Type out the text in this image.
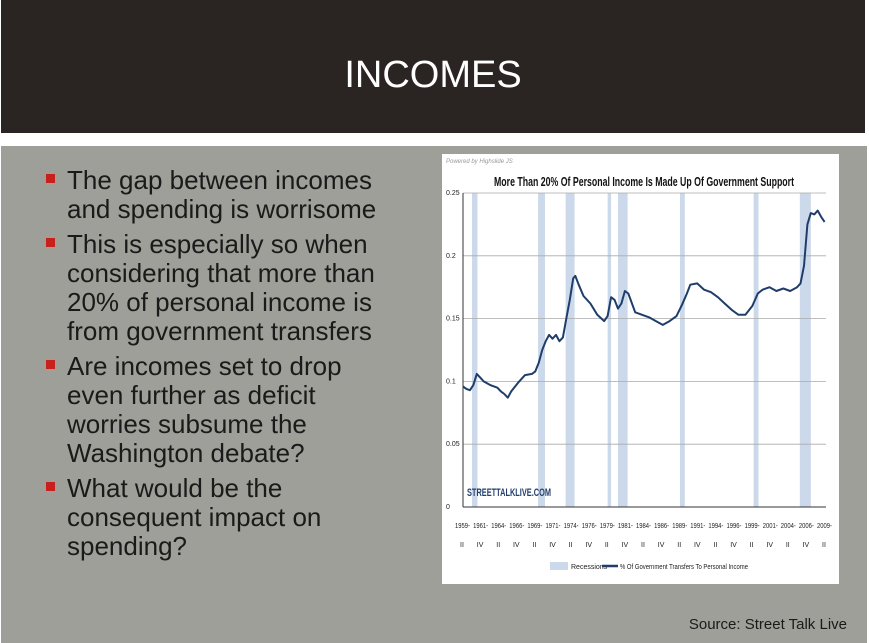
INCOMES
The gap between incomes and spending is worrisome
This is especially so when considering that more than 20% of personal income is from government transfers
Are incomes set to drop even further as deficit worries subsume the Washington debate?
What would be the consequent impact on spending?
Powered by Highslide JS
More Than 20% Of Personal Income Is Made Up Of Government Support
0
0.05
0.1
0.15
0.2
0.25
STREETTALKLIVE.COM
1959-
II
1961-
IV
1964-
II
1966-
IV
1969-
II
1971-
IV
1974-
II
1976-
IV
1979-
II
1981-
IV
1984-
II
1986-
IV
1989-
II
1991-
IV
1994-
II
1996-
IV
1999-
II
2001-
IV
2004-
II
2006-
IV
2009-
II
Recessions % Of Government Transfers To Personal Income
Source: Street Talk Live
